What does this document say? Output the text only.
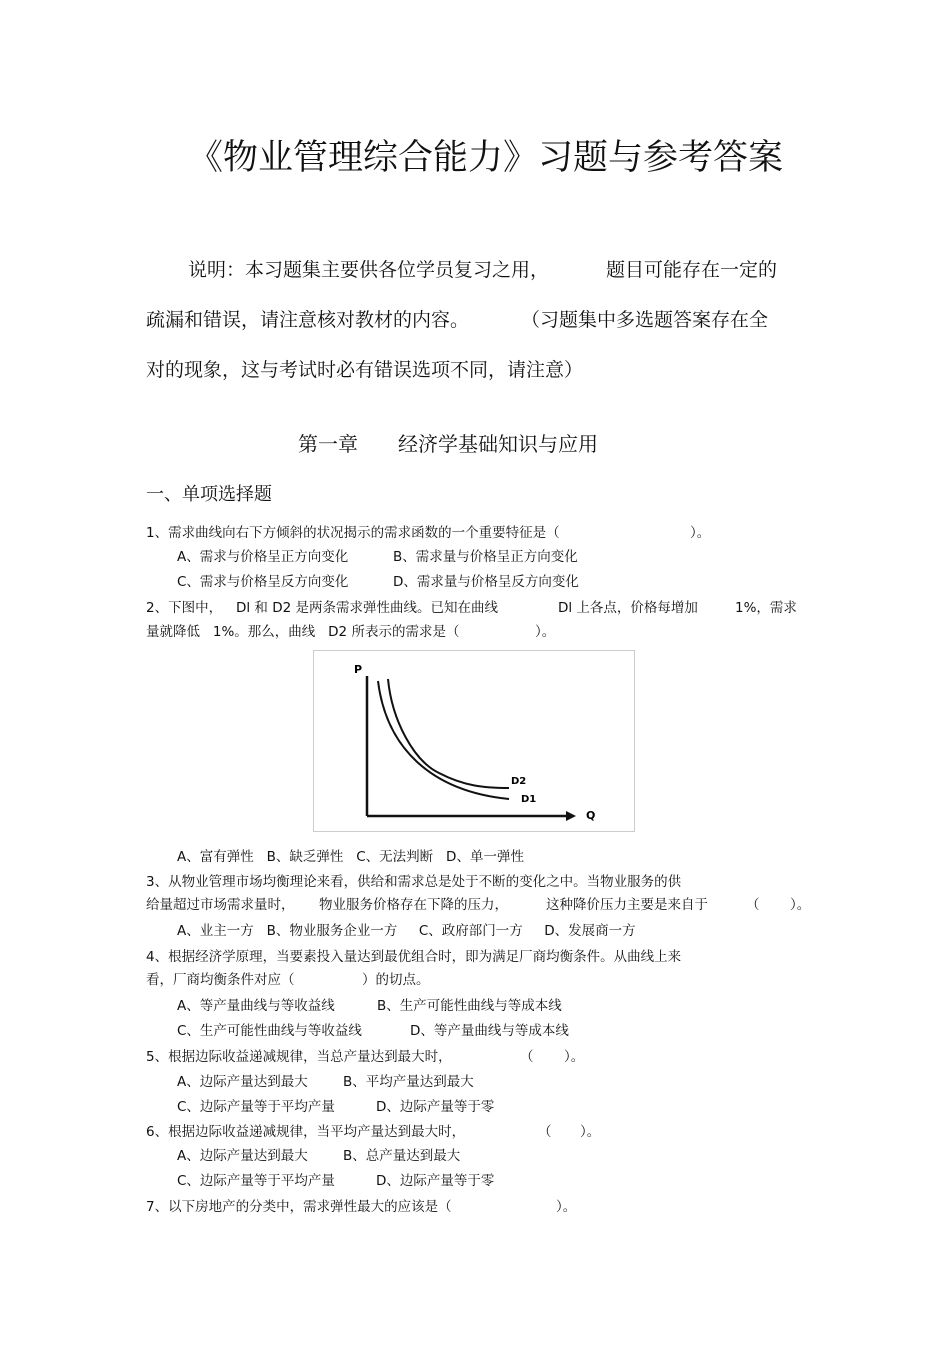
《物业管理综合能力》习题与参考答案
说明：本习题集主要供各位学员复习之用，	题目可能存在一定的
疏漏和错误，请注意核对教材的内容。	（习题集中多选题答案存在全
对的现象，这与考试时必有错误选项不同，请注意）
第一章 经济学基础知识与应用
一、单项选择题
1、需求曲线向右下方倾斜的状况揭示的需求函数的一个重要特征是（	）。
A、需求与价格呈正方向变化	B、需求量与价格呈正方向变化
C、需求与价格呈反方向变化	D、需求量与价格呈反方向变化
2、下图中， Dl 和 D2 是两条需求弹性曲线。已知在曲线	Dl 上各点，价格每增加	1%，需求
量就降低   1%。那么，曲线   D2 所表示的需求是（	）。
P
Q
D2
D1
A、富有弹性   B、缺乏弹性   C、无法判断   D、单一弹性
3、从物业管理市场均衡理论来看，供给和需求总是处于不断的变化之中。当物业服务的供
给量超过市场需求量时， 物业服务价格存在下降的压力，	这种降价压力主要是来自于	（ ）。
A、业主一方   B、物业服务企业一方     C、政府部门一方     D、发展商一方
4、根据经济学原理，当要素投入量达到最优组合时，即为满足厂商均衡条件。从曲线上来
看，厂商均衡条件对应（	）的切点。
A、等产量曲线与等收益线	B、生产可能性曲线与等成本线
C、生产可能性曲线与等收益线	D、等产量曲线与等成本线
5、根据边际收益递减规律，当总产量达到最大时，	（ ）。
A、边际产量达到最大	B、平均产量达到最大
C、边际产量等于平均产量	D、边际产量等于零
6、根据边际收益递减规律，当平均产量达到最大时，	（ ）。
A、边际产量达到最大	B、总产量达到最大
C、边际产量等于平均产量	D、边际产量等于零
7、以下房地产的分类中，需求弹性最大的应该是（	）。
